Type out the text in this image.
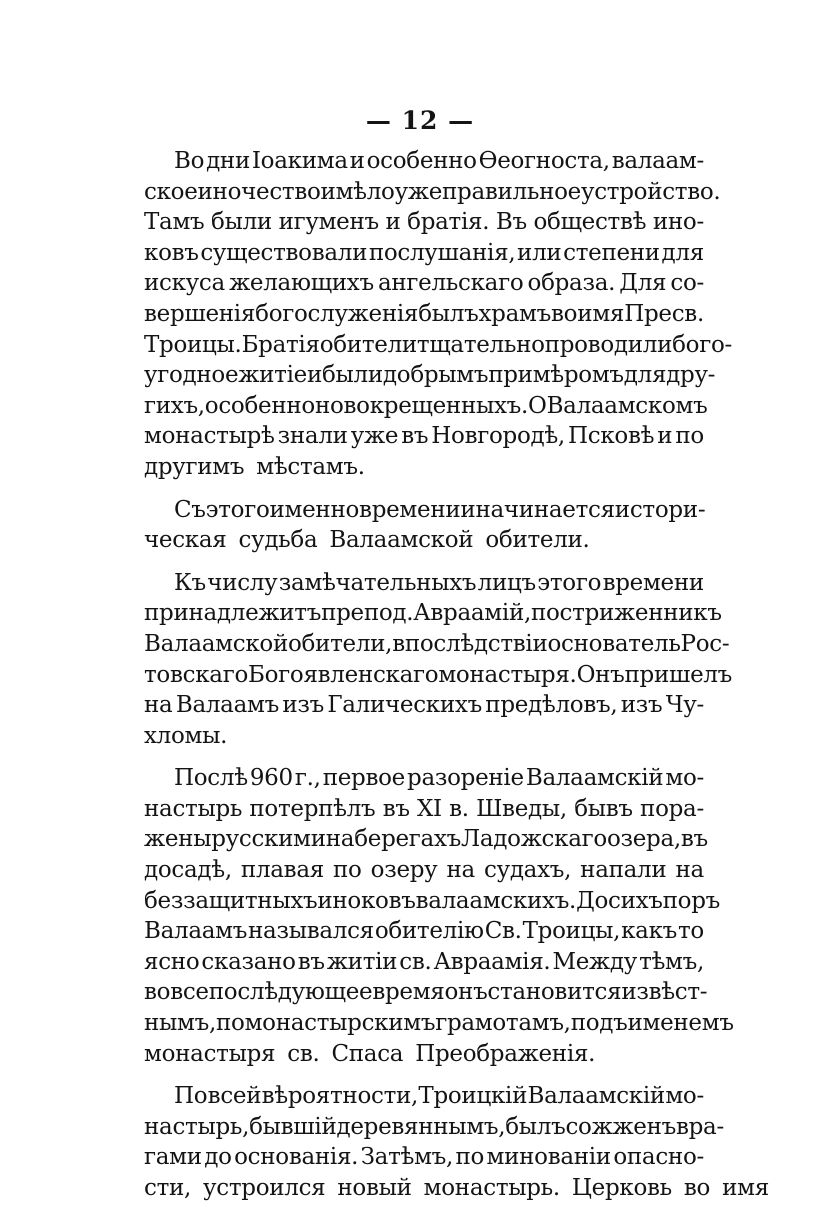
— 12 —
Во дни Іоакима и особенно Ѳеогноста, валаам-
ское иночество имѣло уже правильное устройство.
Тамъ были игуменъ и братія. Въ обществѣ ино-
ковъ существовали послушанія, или степени для
искуса желающихъ ангельскаго образа. Для со-
вершенія богослуженія былъ храмъ во имя Пресв.
Троицы. Братія обители тщательно проводили бого-
угодное житіе и были добрымъ примѣромъ для дру-
гихъ, особенно новокрещенныхъ. О Валаамскомъ
монастырѣ знали уже въ Новгородѣ, Псковѣ и по
другимъ мѣстамъ.
Съ этого именно времени и начинается истори-
ческая судьба Валаамской обители.
Къ числу замѣчательныхъ лицъ этого времени
принадлежитъ препод. Авраамій, постриженникъ
Валаамской обители, впослѣдствіи основатель Рос-
товскаго Богоявленскаго монастыря. Онъ пришелъ
на Валаамъ изъ Галическихъ предѣловъ, изъ Чу-
хломы.
Послѣ 960 г., первое разореніе Валаамскій мо-
настырь потерпѣлъ въ XI в. Шведы, бывъ пора-
жены русскими на берегахъ Ладожскаго озера, въ
досадѣ, плавая по озеру на судахъ, напали на
беззащитныхъ иноковъ валаамскихъ. До сихъ поръ
Валаамъ назывался обителію Св. Троицы, какъ то
ясно сказано въ житіи св. Авраамія. Между тѣмъ,
во все послѣдующее время онъ становится извѣст-
нымъ, по монастырскимъ грамотамъ, подъ именемъ
монастыря св. Спаса Преображенія.
По всей вѣроятности, Троицкій Валаамскій мо-
настырь, бывшій деревяннымъ, былъ сожженъ вра-
гами до основанія. Затѣмъ, по минованіи опасно-
сти, устроился новый монастырь. Церковь во имя
